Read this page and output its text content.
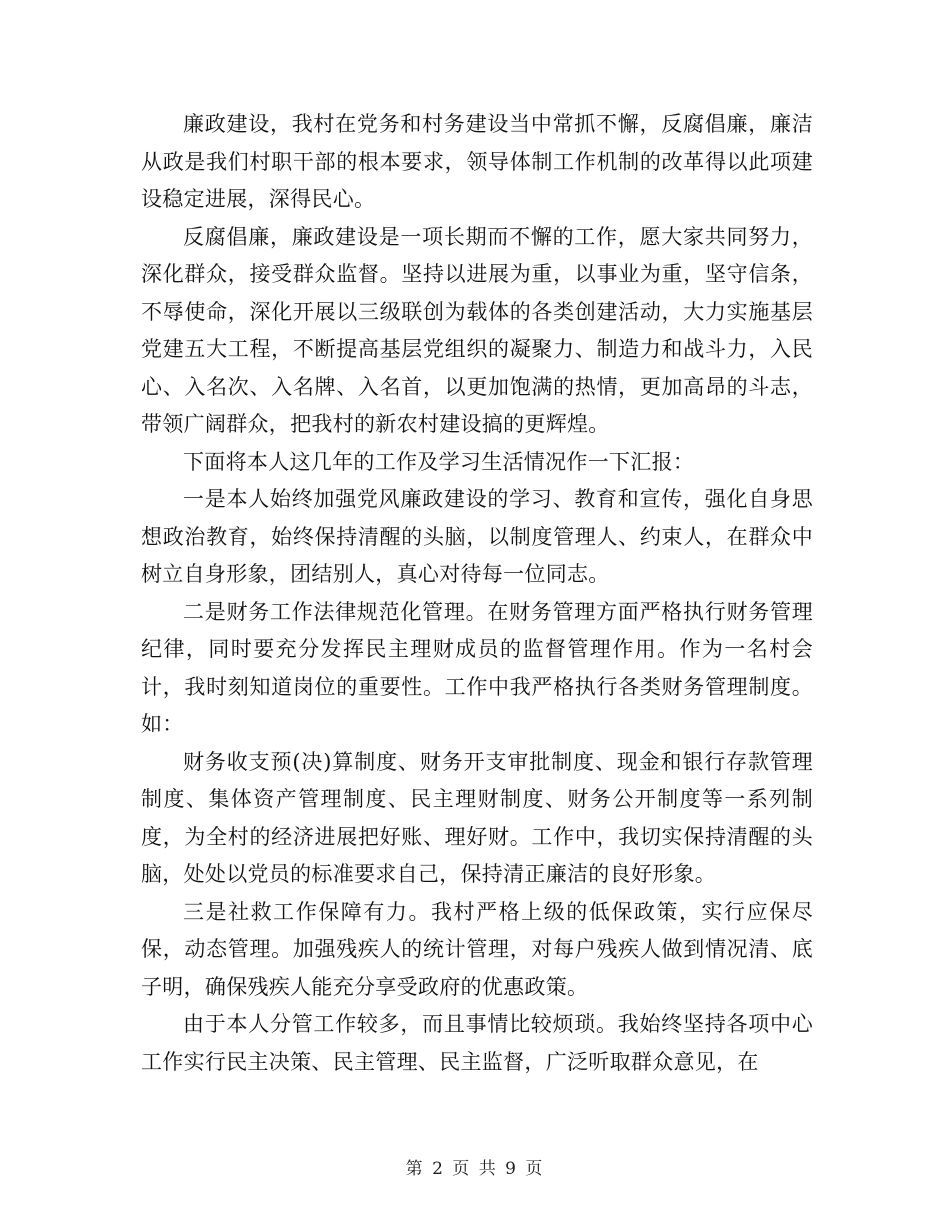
廉政建设，我村在党务和村务建设当中常抓不懈，反腐倡廉，廉洁从政是我们村职干部的根本要求，领导体制工作机制的改革得以此项建设稳定进展，深得民心。

反腐倡廉，廉政建设是一项长期而不懈的工作，愿大家共同努力，深化群众，接受群众监督。坚持以进展为重，以事业为重，坚守信条，不辱使命，深化开展以三级联创为载体的各类创建活动，大力实施基层党建五大工程，不断提高基层党组织的凝聚力、制造力和战斗力，入民心、入名次、入名牌、入名首，以更加饱满的热情，更加高昂的斗志，带领广阔群众，把我村的新农村建设搞的更辉煌。

下面将本人这几年的工作及学习生活情况作一下汇报：

一是本人始终加强党风廉政建设的学习、教育和宣传，强化自身思想政治教育，始终保持清醒的头脑，以制度管理人、约束人，在群众中树立自身形象，团结别人，真心对待每一位同志。

二是财务工作法律规范化管理。在财务管理方面严格执行财务管理纪律，同时要充分发挥民主理财成员的监督管理作用。作为一名村会计，我时刻知道岗位的重要性。工作中我严格执行各类财务管理制度。如：

财务收支预(决)算制度、财务开支审批制度、现金和银行存款管理制度、集体资产管理制度、民主理财制度、财务公开制度等一系列制度，为全村的经济进展把好账、理好财。工作中，我切实保持清醒的头脑，处处以党员的标准要求自己，保持清正廉洁的良好形象。

三是社救工作保障有力。我村严格上级的低保政策，实行应保尽保，动态管理。加强残疾人的统计管理，对每户残疾人做到情况清、底子明，确保残疾人能充分享受政府的优惠政策。

由于本人分管工作较多，而且事情比较烦琐。我始终坚持各项中心工作实行民主决策、民主管理、民主监督，广泛听取群众意见，在

第 2 页 共 9 页
